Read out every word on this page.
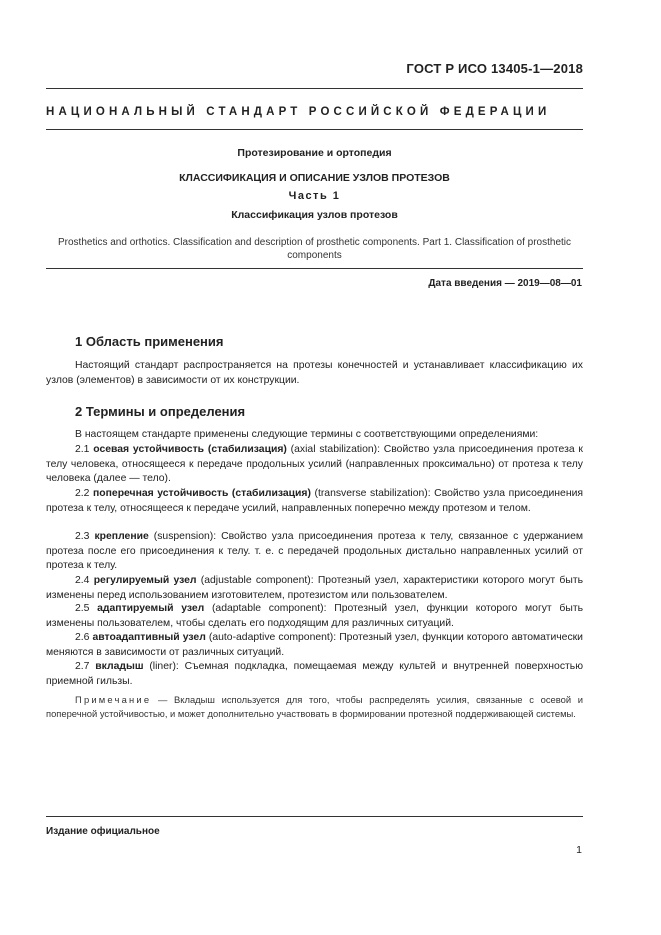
ГОСТ Р ИСО 13405-1—2018
НАЦИОНАЛЬНЫЙ СТАНДАРТ РОССИЙСКОЙ ФЕДЕРАЦИИ
Протезирование и ортопедия
КЛАССИФИКАЦИЯ И ОПИСАНИЕ УЗЛОВ ПРОТЕЗОВ
Часть 1
Классификация узлов протезов
Prosthetics and orthotics. Classification and description of prosthetic components. Part 1. Classification of prosthetic
components
Дата введения — 2019—08—01
1 Область применения

Настоящий стандарт распространяется на протезы конечностей и устанавливает классификацию их узлов (элементов) в зависимости от их конструкции.

2 Термины и определения

В настоящем стандарте применены следующие термины с соответствующими определениями:

2.1 осевая устойчивость (стабилизация) (axial stabilization): Свойство узла присоединения протеза к телу человека, относящееся к передаче продольных усилий (направленных проксимально) от протеза к телу человека (далее — тело).

2.2 поперечная устойчивость (стабилизация) (transverse stabilization): Свойство узла присоединения протеза к телу, относящееся к передаче усилий, направленных поперечно между протезом и телом.

2.3 крепление (suspension): Свойство узла присоединения протеза к телу, связанное с удержанием протеза после его присоединения к телу. т. е. с передачей продольных дистально направленных усилий от протеза к телу.

2.4 регулируемый узел (adjustable component): Протезный узел, характеристики которого могут быть изменены перед использованием изготовителем, протезистом или пользователем.

2.5 адаптируемый узел (adaptable component): Протезный узел, функции которого могут быть изменены пользователем, чтобы сделать его подходящим для различных ситуаций.

2.6 автоадаптивный узел (auto-adaptive component): Протезный узел, функции которого автоматически меняются в зависимости от различных ситуаций.

2.7 вкладыш (liner): Съемная подкладка, помещаемая между культей и внутренней поверхностью приемной гильзы.

Примечание — Вкладыш используется для того, чтобы распределять усилия, связанные с осевой и поперечной устойчивостью, и может дополнительно участвовать в формировании протезной поддерживающей системы.

Издание официальное
1
